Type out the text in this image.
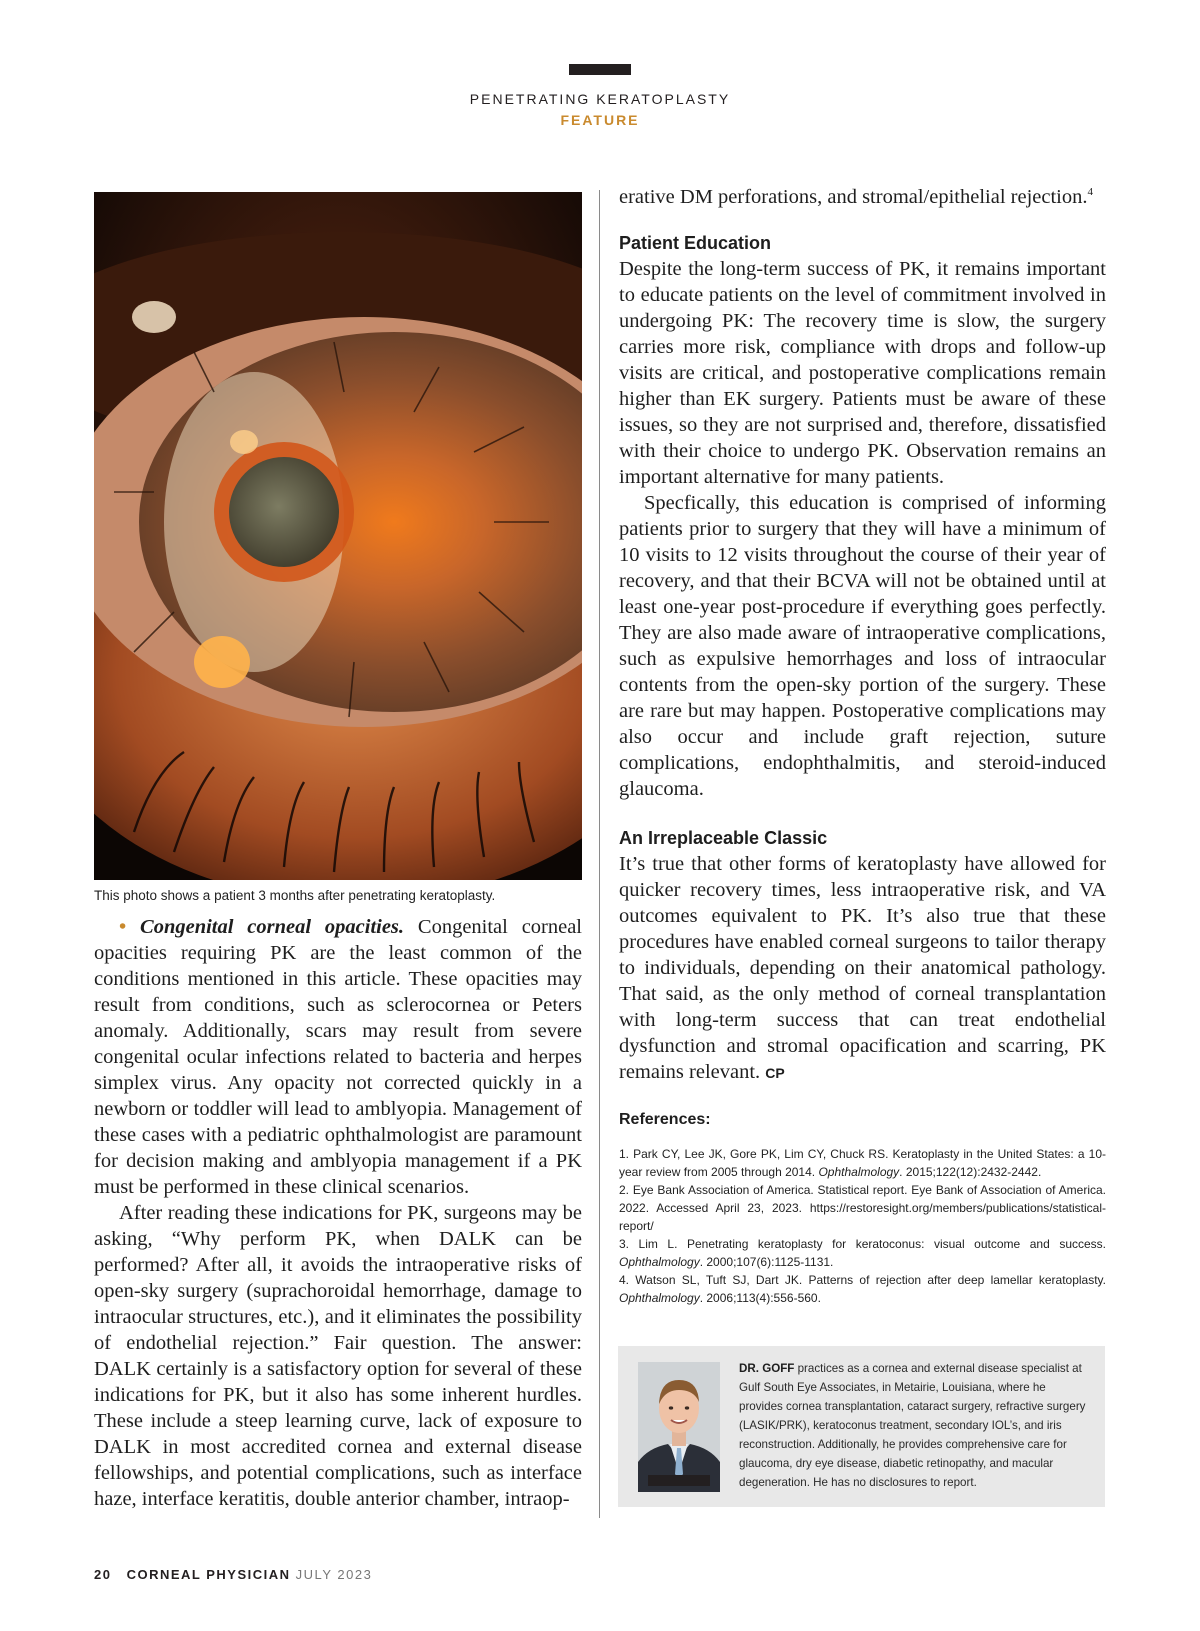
PENETRATING KERATOPLASTY
FEATURE
This photo shows a patient 3 months after penetrating keratoplasty.

• Congenital corneal opacities. Congenital corneal opacities requiring PK are the least common of the conditions mentioned in this article. These opacities may result from conditions, such as sclerocornea or Peters anomaly. Additionally, scars may result from severe congenital ocular infections related to bacteria and herpes simplex virus. Any opacity not corrected quickly in a newborn or toddler will lead to amblyopia. Management of these cases with a pediatric ophthalmologist are paramount for decision making and amblyopia management if a PK must be performed in these clinical scenarios.

After reading these indications for PK, surgeons may be asking, “Why perform PK, when DALK can be performed? After all, it avoids the intraoperative risks of open-sky surgery (suprachoroidal hemorrhage, damage to intraocular structures, etc.), and it eliminates the possibility of endothelial rejection.” Fair question. The answer: DALK certainly is a satisfactory option for several of these indications for PK, but it also has some inherent hurdles. These include a steep learning curve, lack of exposure to DALK in most accredited cornea and external disease fellowships, and potential complications, such as interface haze, interface keratitis, double anterior chamber, intraop-

erative DM perforations, and stromal/epithelial rejection.$^4$

Patient Education

Despite the long-term success of PK, it remains important to educate patients on the level of commitment involved in undergoing PK: The recovery time is slow, the surgery carries more risk, compliance with drops and follow-up visits are critical, and postoperative complications remain higher than EK surgery. Patients must be aware of these issues, so they are not surprised and, therefore, dissatisfied with their choice to undergo PK. Observation remains an important alternative for many patients.

Specfically, this education is comprised of informing patients prior to surgery that they will have a minimum of 10 visits to 12 visits throughout the course of their year of recovery, and that their BCVA will not be obtained until at least one-year post-procedure if everything goes perfectly. They are also made aware of intraoperative complications, such as expulsive hemorrhages and loss of intraocular contents from the open-sky portion of the surgery. These are rare but may happen. Postoperative complications may also occur and include graft rejection, suture complications, endophthalmitis, and steroid-induced glaucoma.

An Irreplaceable Classic

It’s true that other forms of keratoplasty have allowed for quicker recovery times, less intraoperative risk, and VA outcomes equivalent to PK. It’s also true that these procedures have enabled corneal surgeons to tailor therapy to individuals, depending on their anatomical pathology. That said, as the only method of corneal transplantation with long-term success that can treat endothelial dysfunction and stromal opacification and scarring, PK remains relevant. CP

References:

1. Park CY, Lee JK, Gore PK, Lim CY, Chuck RS. Keratoplasty in the United States: a 10-year review from 2005 through 2014. Ophthalmology. 2015;122(12):2432-2442.

2. Eye Bank Association of America. Statistical report. Eye Bank of Association of America. 2022. Accessed April 23, 2023. https://restoresight.org/members/publications/statistical-report/

3. Lim L. Penetrating keratoplasty for keratoconus: visual outcome and success. Ophthalmology. 2000;107(6):1125-1131.

4. Watson SL, Tuft SJ, Dart JK. Patterns of rejection after deep lamellar keratoplasty. Ophthalmology. 2006;113(4):556-560.

DR. GOFF practices as a cornea and external disease specialist at Gulf South Eye Associates, in Metairie, Louisiana, where he provides cornea transplantation, cataract surgery, refractive surgery (LASIK/PRK), keratoconus treatment, secondary IOL’s, and iris reconstruction. Additionally, he provides comprehensive care for glaucoma, dry eye disease, diabetic retinopathy, and macular degeneration. He has no disclosures to report.
20 CORNEAL PHYSICIAN JULY 2023
